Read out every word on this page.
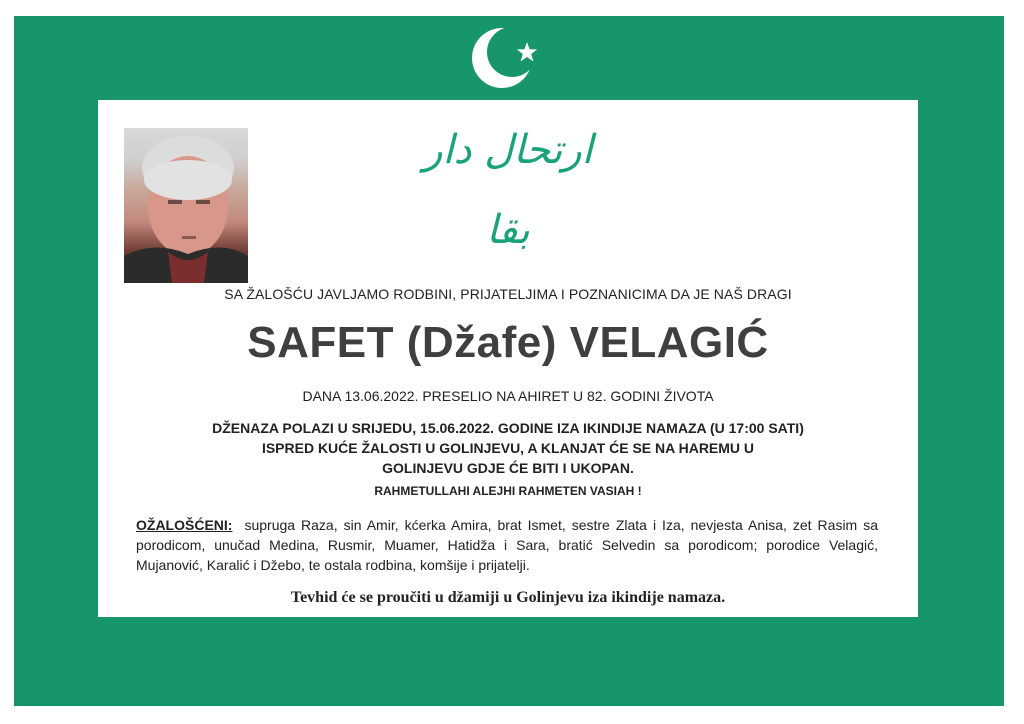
ارتحال دار بقا
SA ŽALOŠĆU JAVLJAMO RODBINI, PRIJATELJIMA I POZNANICIMA DA JE NAŠ DRAGI
SAFET (Džafe) VELAGIĆ
DANA 13.06.2022. PRESELIO NA AHIRET U 82. GODINI ŽIVOTA
DŽENAZA POLAZI U SRIJEDU, 15.06.2022. GODINE IZA IKINDIJE NAMAZA (U 17:00 SATI)
ISPRED KUĆE ŽALOSTI U GOLINJEVU, A KLANJAT ĆE SE NA HAREMU U
GOLINJEVU GDJE ĆE BITI I UKOPAN.
RAHMETULLAHI ALEJHI RAHMETEN VASIAH !
OŽALOŠĆENI: supruga Raza, sin Amir, kćerka Amira, brat Ismet, sestre Zlata i Iza, nevjesta Anisa, zet Rasim sa porodicom, unučad Medina, Rusmir, Muamer, Hatidža i Sara, bratić Selvedin sa porodicom; porodice Velagić, Mujanović, Karalić i Džebo, te ostala rodbina, komšije i prijatelji.
Tevhid će se proučiti u džamiji u Golinjevu iza ikindije namaza.
